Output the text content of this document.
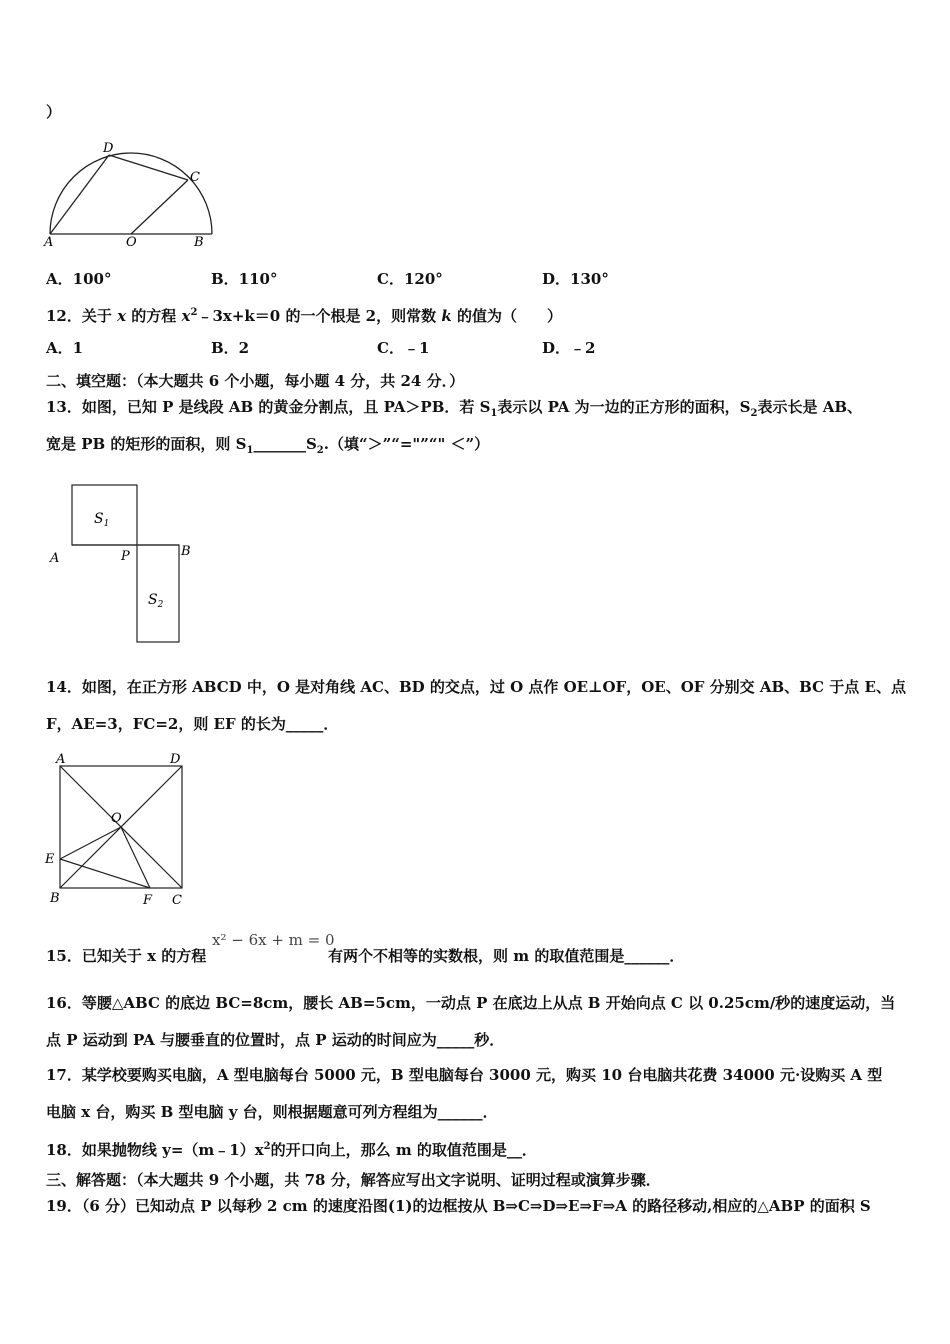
）
D
C
A	O	B
A．100°	B．110°	C．120°	D．130°
12．关于 x 的方程 $x^2﹣3x+k=0$ 的一个根是 2，则常数 k 的值为（　　）
A．1	B．2	C．﹣1	D．﹣2
二、填空题：（本大题共 6 个小题，每小题 4 分，共 24 分．）
13．如图，已知 P 是线段 AB 的黄金分割点，且 PA＞PB．若 $S_1$表示以 PA 为一边的正方形的面积，$S_2$表示长是 AB、
宽是 PB 的矩形的面积，则 $S_1\_\_\_\_\_\_\_S_2$.（填“＞”“="”“" ＜”）
$S_1$
$S_2$
A	P	B
14．如图，在正方形 ABCD 中，O 是对角线 AC、BD 的交点，过 O 点作 OE⊥OF，OE、OF 分别交 AB、BC 于点 E、点
F，AE=3，FC=2，则 EF 的长为_____．
A	D
O
E
B	F C
15．已知关于 x 的方程
x² − 6x + m = 0
有两个不相等的实数根，则 m 的取值范围是______．
16．等腰△ABC 的底边 BC=8cm，腰长 AB=5cm，一动点 P 在底边上从点 B 开始向点 C 以 0.25cm/秒的速度运动，当
点 P 运动到 PA 与腰垂直的位置时，点 P 运动的时间应为_____秒．
17．某学校要购买电脑，A 型电脑每台 5000 元，B 型电脑每台 3000 元，购买 10 台电脑共花费 34000 元·设购买 A 型
电脑 x 台，购买 B 型电脑 y 台，则根据题意可列方程组为______．
18．如果抛物线 $y=(m﹣1)x^2$的开口向上，那么 m 的取值范围是__．
三、解答题：（本大题共 9 个小题，共 78 分，解答应写出文字说明、证明过程或演算步骤．
19．（6 分）已知动点 P 以每秒 2 cm 的速度沿图(1)的边框按从 B⇒C⇒D⇒E⇒F⇒A 的路径移动,相应的△ABP 的面积 S
